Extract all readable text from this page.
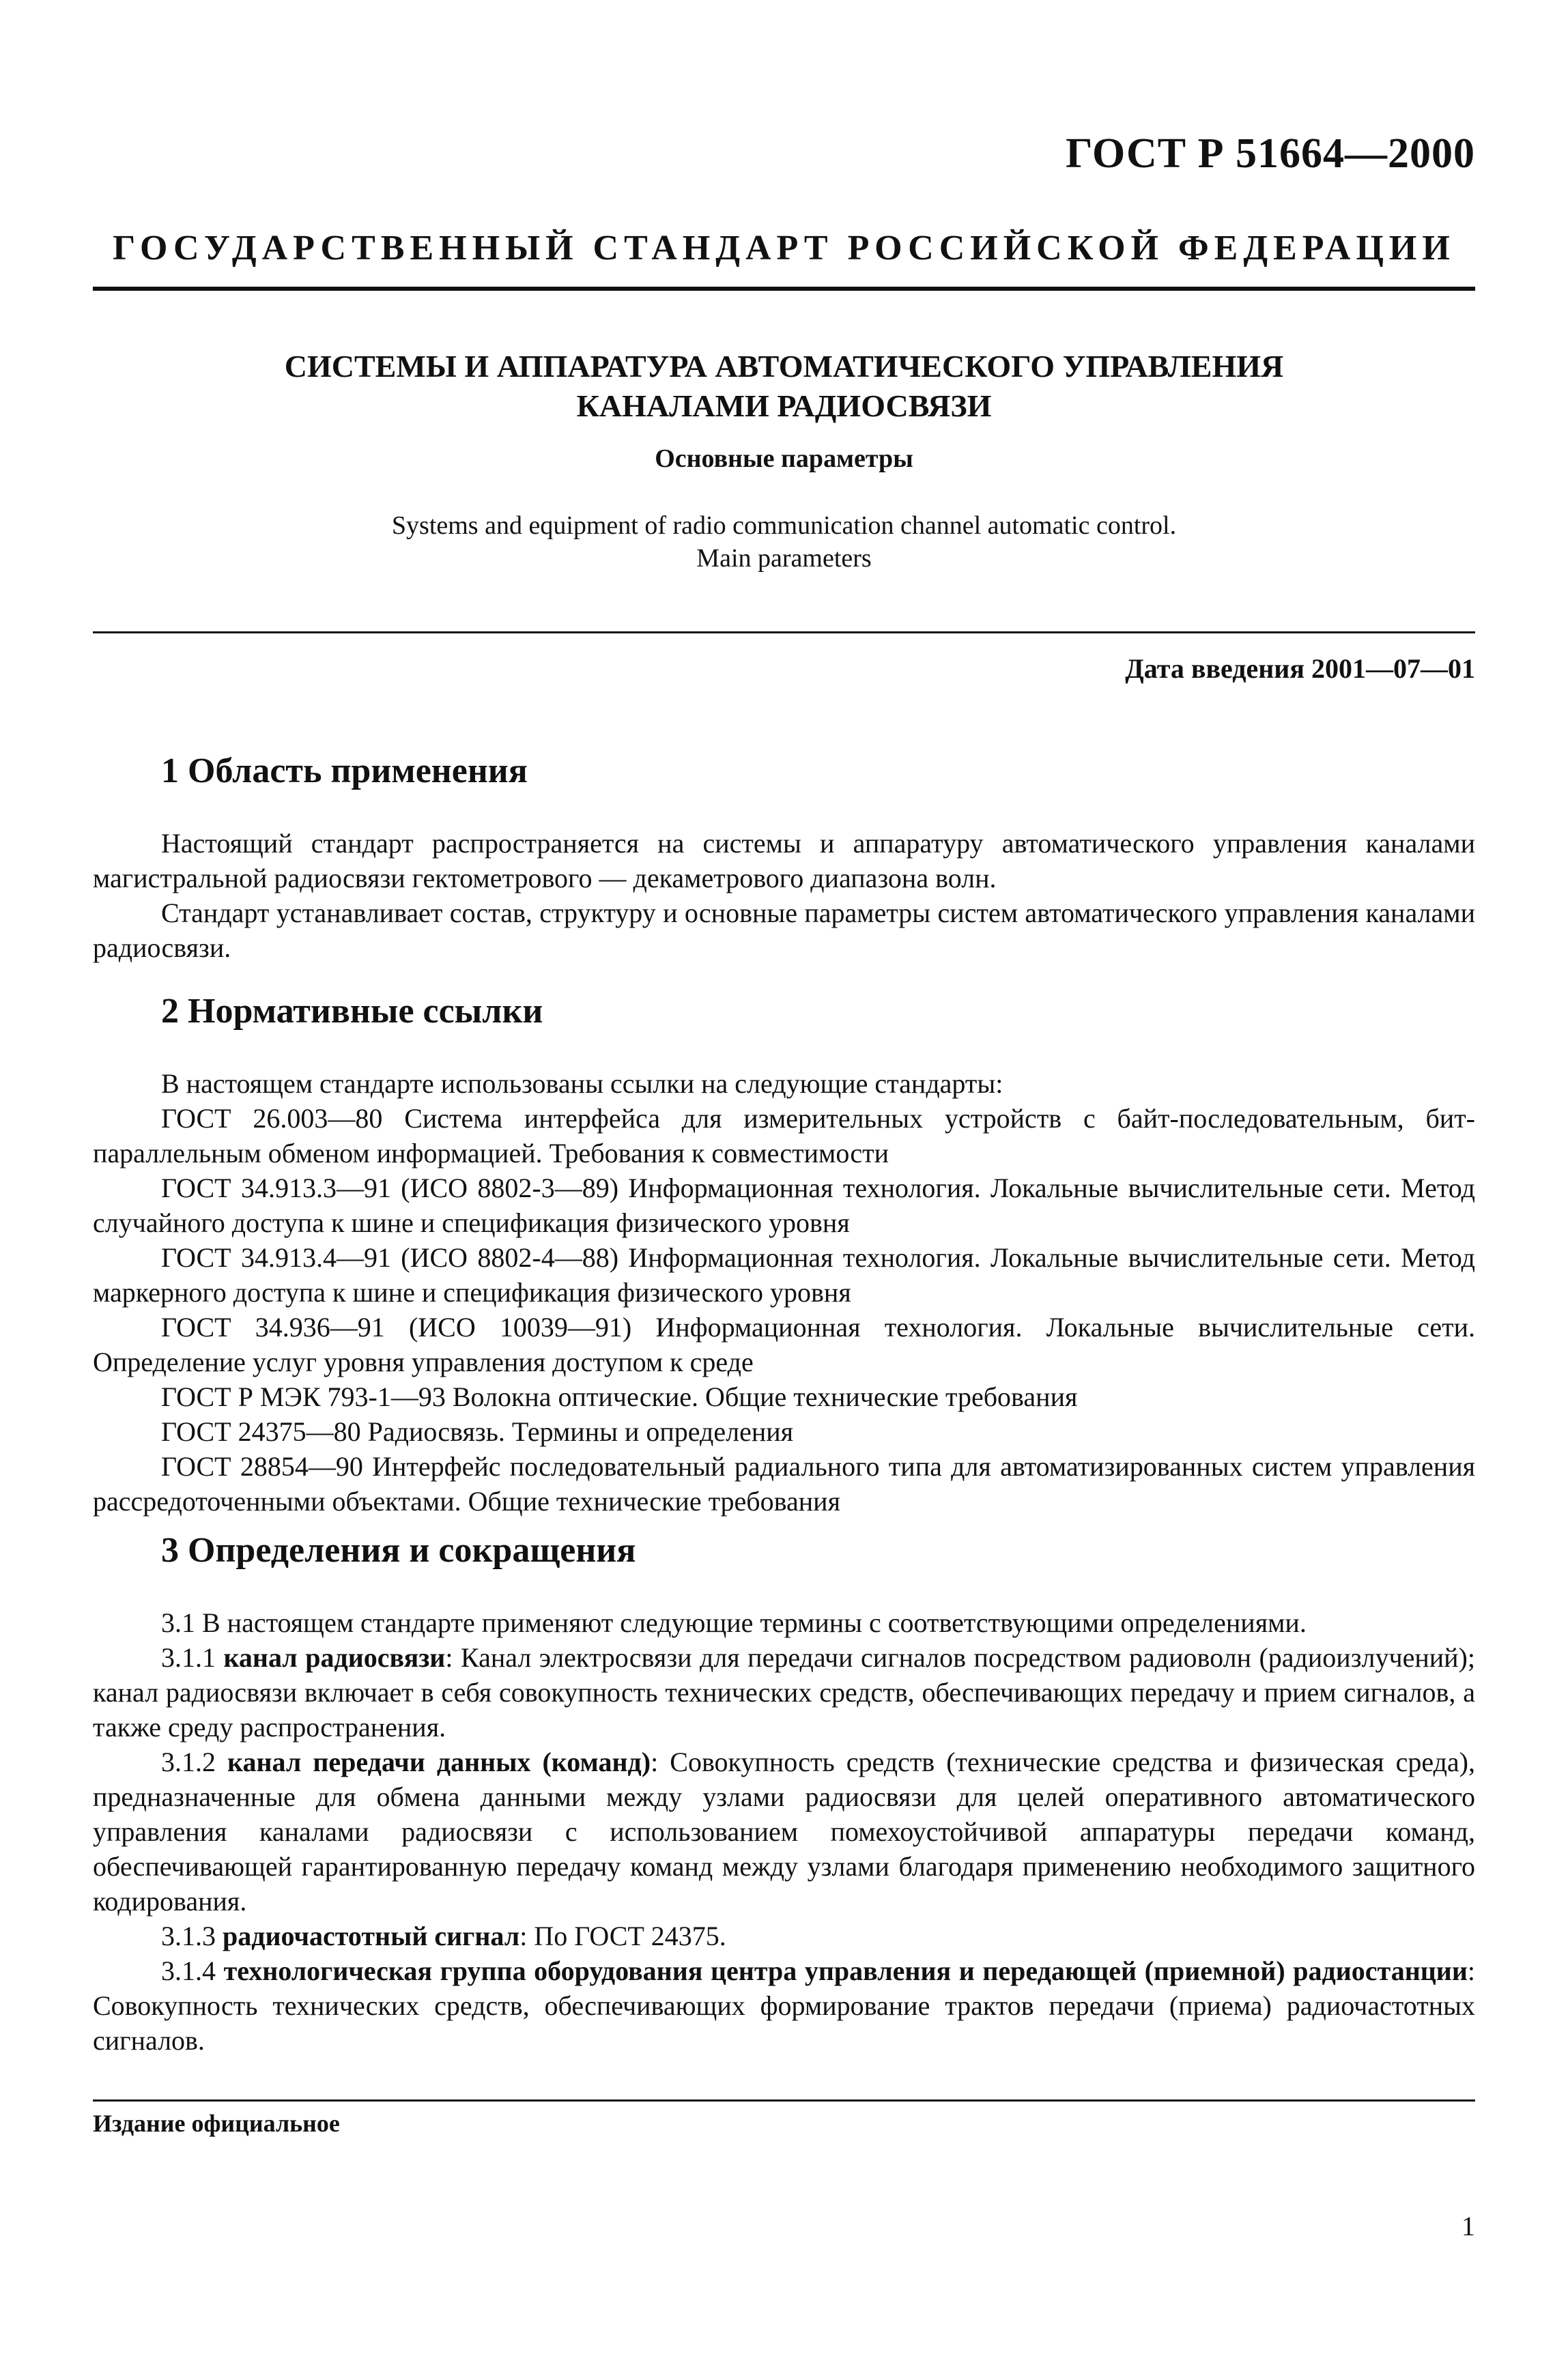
ГОСТ Р 51664—2000
ГОСУДАРСТВЕННЫЙ СТАНДАРТ РОССИЙСКОЙ ФЕДЕРАЦИИ
СИСТЕМЫ И АППАРАТУРА АВТОМАТИЧЕСКОГО УПРАВЛЕНИЯ
КАНАЛАМИ РАДИОСВЯЗИ
Основные параметры
Systems and equipment of radio communication channel automatic control.
Main parameters
Дата введения 2001—07—01
1 Область применения

Настоящий стандарт распространяется на системы и аппаратуру автоматического управления каналами магистральной радиосвязи гектометрового — декаметрового диапазона волн.

Стандарт устанавливает состав, структуру и основные параметры систем автоматического управления каналами радиосвязи.

2 Нормативные ссылки

В настоящем стандарте использованы ссылки на следующие стандарты:

ГОСТ 26.003—80 Система интерфейса для измерительных устройств с байт-последовательным, бит-параллельным обменом информацией. Требования к совместимости

ГОСТ 34.913.3—91 (ИСО 8802-3—89) Информационная технология. Локальные вычислительные сети. Метод случайного доступа к шине и спецификация физического уровня

ГОСТ 34.913.4—91 (ИСО 8802-4—88) Информационная технология. Локальные вычислительные сети. Метод маркерного доступа к шине и спецификация физического уровня

ГОСТ 34.936—91 (ИСО 10039—91) Информационная технология. Локальные вычислительные сети. Определение услуг уровня управления доступом к среде

ГОСТ Р МЭК 793-1—93 Волокна оптические. Общие технические требования

ГОСТ 24375—80 Радиосвязь. Термины и определения

ГОСТ 28854—90 Интерфейс последовательный радиального типа для автоматизированных систем управления рассредоточенными объектами. Общие технические требования

3 Определения и сокращения

3.1 В настоящем стандарте применяют следующие термины с соответствующими определениями.

3.1.1 канал радиосвязи: Канал электросвязи для передачи сигналов посредством радиоволн (радиоизлучений); канал радиосвязи включает в себя совокупность технических средств, обеспечивающих передачу и прием сигналов, а также среду распространения.

3.1.2 канал передачи данных (команд): Совокупность средств (технические средства и физическая среда), предназначенные для обмена данными между узлами радиосвязи для целей оперативного автоматического управления каналами радиосвязи с использованием помехоустойчивой аппаратуры передачи команд, обеспечивающей гарантированную передачу команд между узлами благодаря применению необходимого защитного кодирования.

3.1.3 радиочастотный сигнал: По ГОСТ 24375.

3.1.4 технологическая группа оборудования центра управления и передающей (приемной) радиостанции: Совокупность технических средств, обеспечивающих формирование трактов передачи (приема) радиочастотных сигналов.

Издание официальное
1
